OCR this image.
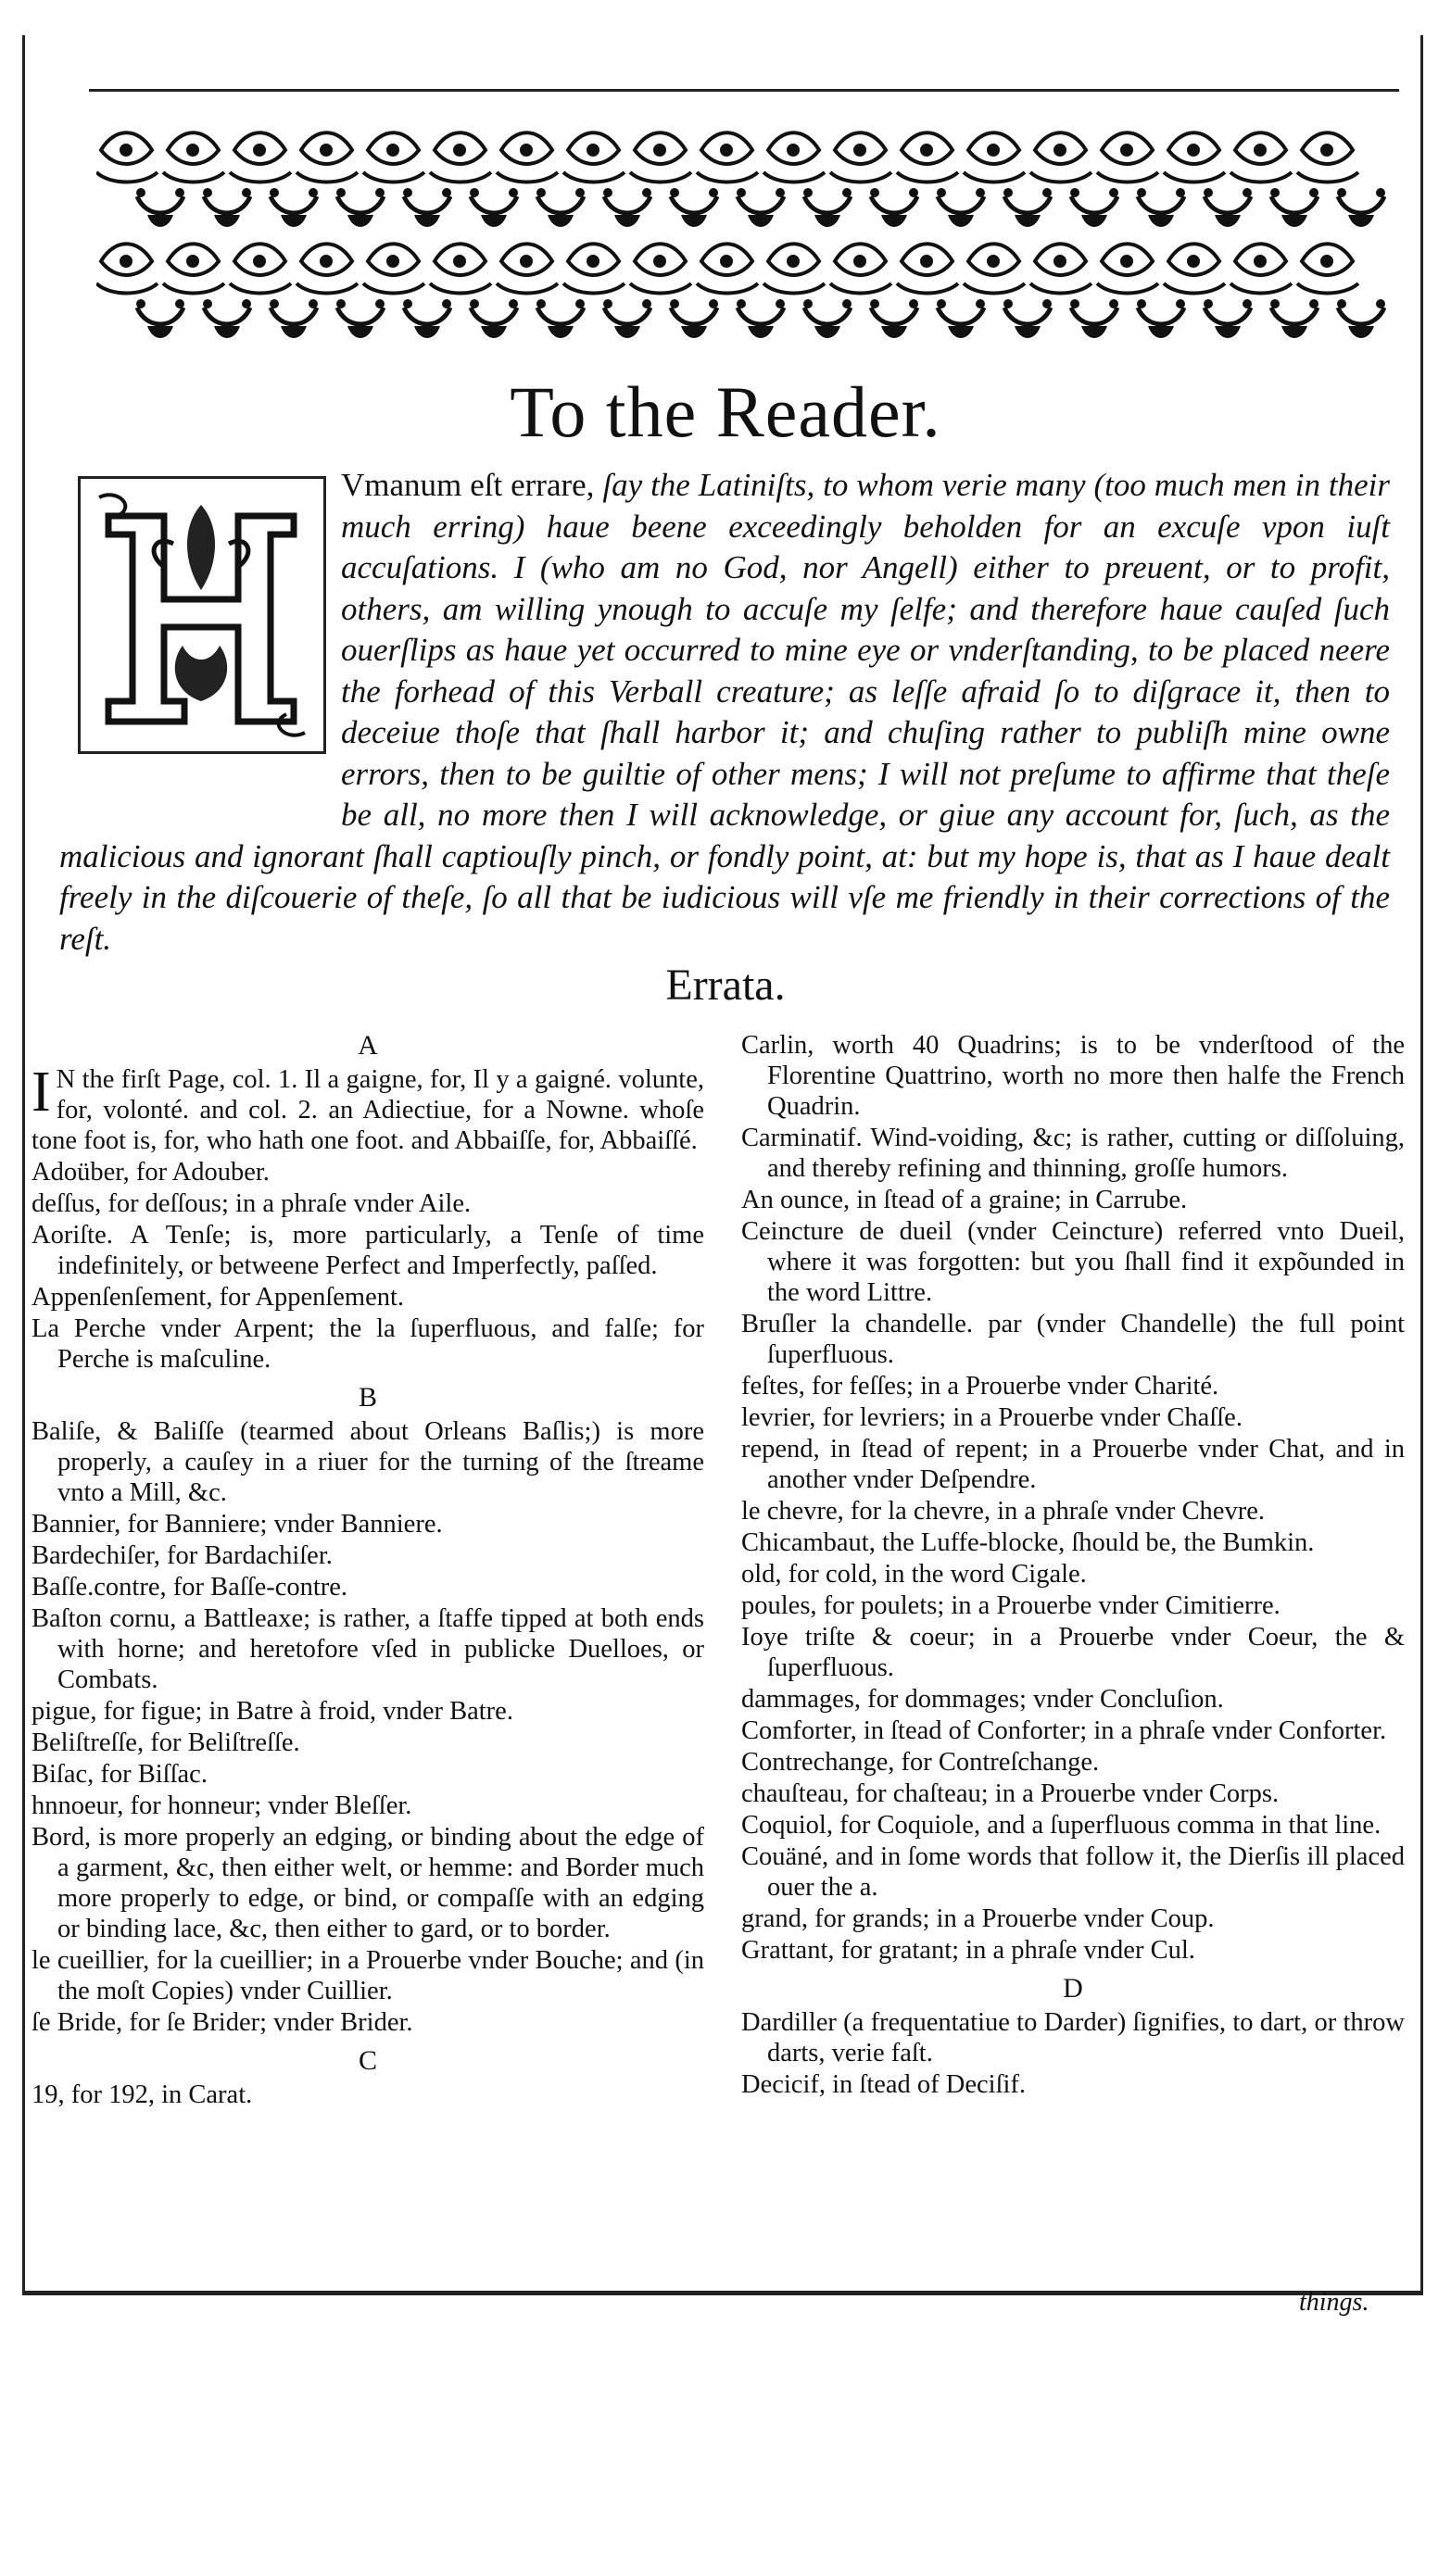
To the Reader.
Vmanum eſt errare, ſay the Latiniſts, to whom verie many (too much men in their much erring) haue beene exceedingly beholden for an excuſe vpon iuſt accuſations. I (who am no God, nor Angell) either to preuent, or to profit, others, am willing ynough to accuſe my ſelfe; and therefore haue cauſed ſuch ouerſlips as haue yet occurred to mine eye or vnderſtanding, to be placed neere the forhead of this Verball creature; as leſſe afraid ſo to diſgrace it, then to deceiue thoſe that ſhall harbor it; and chuſing rather to publiſh mine owne errors, then to be guiltie of other mens; I will not preſume to affirme that theſe be all, no more then I will acknowledge, or giue any account for, ſuch, as the malicious and ignorant ſhall captiouſly pinch, or fondly point, at: but my hope is, that as I haue dealt freely in the diſcouerie of theſe, ſo all that be iudicious will vſe me friendly in their corrections of the reſt.
Errata.

A

IN the firſt Page, col. 1. Il a gaigne, for, Il y a gaigné. volunte, for, volonté. and col. 2. an Adiectiue, for a Nowne. whoſe tone foot is, for, who hath one foot. and Abbaiſſe, for, Abbaiſſé.

Adoüber, for Adouber.

deſſus, for deſſous; in a phraſe vnder Aile.

Aoriſte. A Tenſe; is, more particularly, a Tenſe of time indefinitely, or betweene Perfect and Imperfectly, paſſed.

Appenſenſement, for Appenſement.

La Perche vnder Arpent; the la ſuperfluous, and falſe; for Perche is maſculine.

B

Baliſe, & Baliſſe (tearmed about Orleans Baſlis;) is more properly, a cauſey in a riuer for the turning of the ſtreame vnto a Mill, &c.

Bannier, for Banniere; vnder Banniere.

Bardechiſer, for Bardachiſer.

Baſſe.contre, for Baſſe-contre.

Baſton cornu, a Battleaxe; is rather, a ſtaffe tipped at both ends with horne; and heretofore vſed in publicke Duelloes, or Combats.

pigue, for figue; in Batre à froid, vnder Batre.

Beliſtreſſe, for Beliſtreſſe.

Biſac, for Biſſac.

hnnoeur, for honneur; vnder Bleſſer.

Bord, is more properly an edging, or binding about the edge of a garment, &c, then either welt, or hemme: and Border much more properly to edge, or bind, or compaſſe with an edging or binding lace, &c, then either to gard, or to border.

le cueillier, for la cueillier; in a Prouerbe vnder Bouche; and (in the moſt Copies) vnder Cuillier.

ſe Bride, for ſe Brider; vnder Brider.

C

19, for 192, in Carat.

Carlin, worth 40 Quadrins; is to be vnderſtood of the Florentine Quattrino, worth no more then halfe the French Quadrin.

Carminatif. Wind-voiding, &c; is rather, cutting or diſſoluing, and thereby refining and thinning, groſſe humors.

An ounce, in ſtead of a graine; in Carrube.

Ceincture de dueil (vnder Ceincture) referred vnto Dueil, where it was forgotten: but you ſhall find it expõunded in the word Littre.

Bruſler la chandelle. par (vnder Chandelle) the full point ſuperfluous.

feſtes, for feſſes; in a Prouerbe vnder Charité.

levrier, for levriers; in a Prouerbe vnder Chaſſe.

repend, in ſtead of repent; in a Prouerbe vnder Chat, and in another vnder Deſpendre.

le chevre, for la chevre, in a phraſe vnder Chevre.

Chicambaut, the Luffe-blocke, ſhould be, the Bumkin.

old, for cold, in the word Cigale.

poules, for poulets; in a Prouerbe vnder Cimitierre.

Ioye triſte & coeur; in a Prouerbe vnder Coeur, the & ſuperfluous.

dammages, for dommages; vnder Concluſion.

Comforter, in ſtead of Conforter; in a phraſe vnder Conforter.

Contrechange, for Contreſchange.

chauſteau, for chaſteau; in a Prouerbe vnder Corps.

Coquiol, for Coquiole, and a ſuperfluous comma in that line.

Couäné, and in ſome words that follow it, the Dierſis ill placed ouer the a.

grand, for grands; in a Prouerbe vnder Coup.

Grattant, for gratant; in a phraſe vnder Cul.

D

Dardiller (a frequentatiue to Darder) ſignifies, to dart, or throw darts, verie faſt.

Decicif, in ſtead of Deciſif.

things.
